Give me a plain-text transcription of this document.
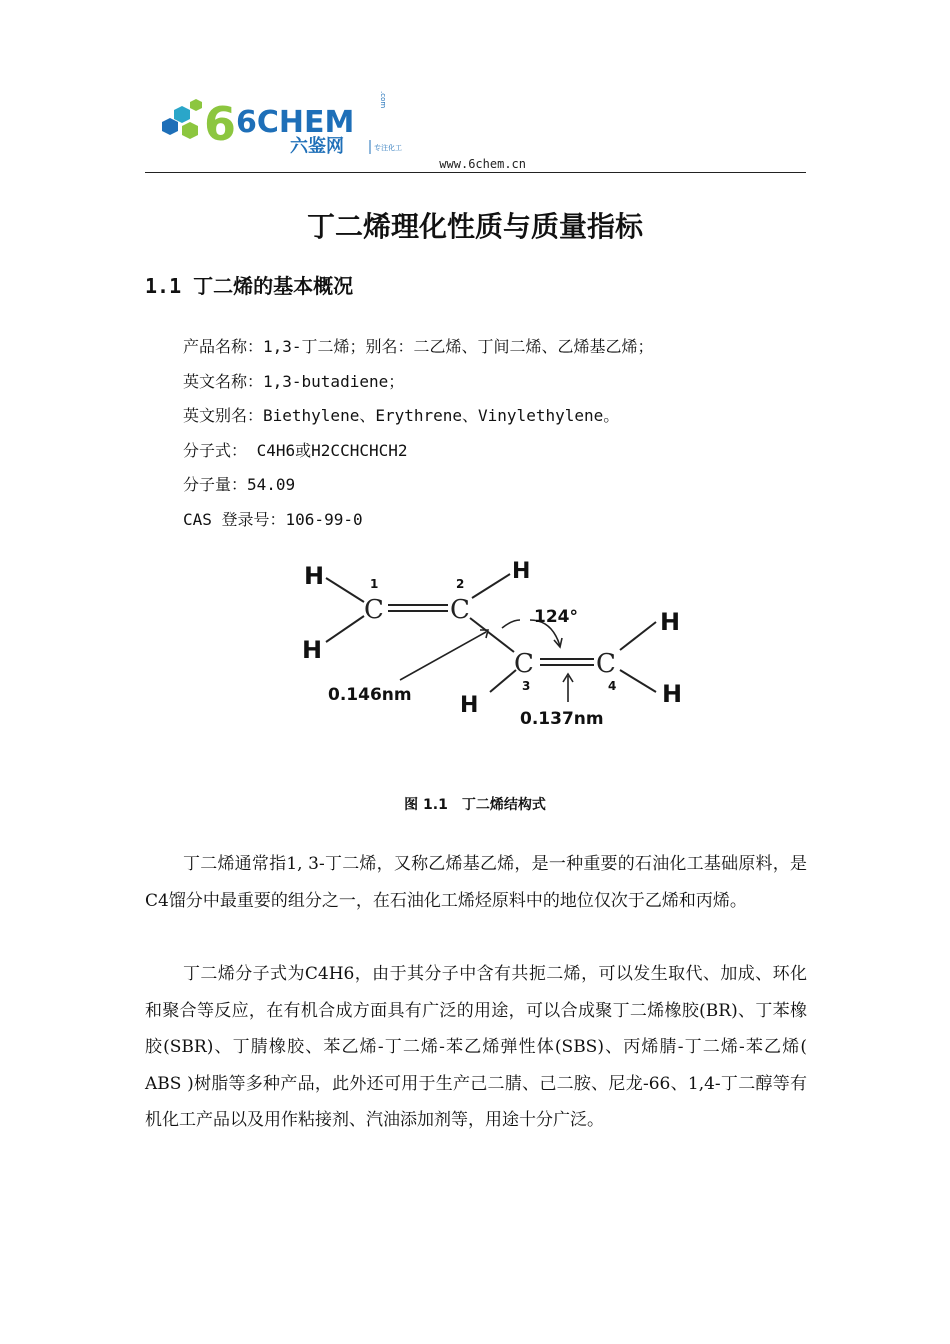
6 6CHEM
.com
六鉴网	专注化工
www.6chem.cn
丁二烯理化性质与质量指标
1.1 丁二烯的基本概况
产品名称：1,3-丁二烯；别名：二乙烯、丁间二烯、乙烯基乙烯；
英文名称：1,3-butadiene；
英文别名：Biethylene、Erythrene、Vinylethylene。
分子式： C4H6或H2CCHCHCH2
分子量：54.09
CAS 登录号：106-99-0
H
H
H
H
H
H
C	C
C C
1	2
3	4
124°
0.146nm
0.137nm
图 1.1　丁二烯结构式

丁二烯通常指1, 3-丁二烯，又称乙烯基乙烯，是一种重要的石油化工基础原料，是C4馏分中最重要的组分之一，在石油化工烯烃原料中的地位仅次于乙烯和丙烯。

丁二烯分子式为C4H6，由于其分子中含有共扼二烯，可以发生取代、加成、环化和聚合等反应，在有机合成方面具有广泛的用途，可以合成聚丁二烯橡胶(BR)、丁苯橡胶(SBR)、丁腈橡胶、苯乙烯-丁二烯-苯乙烯弹性体(SBS)、丙烯腈-丁二烯-苯乙烯( ABS )树脂等多种产品，此外还可用于生产己二腈、己二胺、尼龙-66、1,4-丁二醇等有机化工产品以及用作粘接剂、汽油添加剂等，用途十分广泛。
